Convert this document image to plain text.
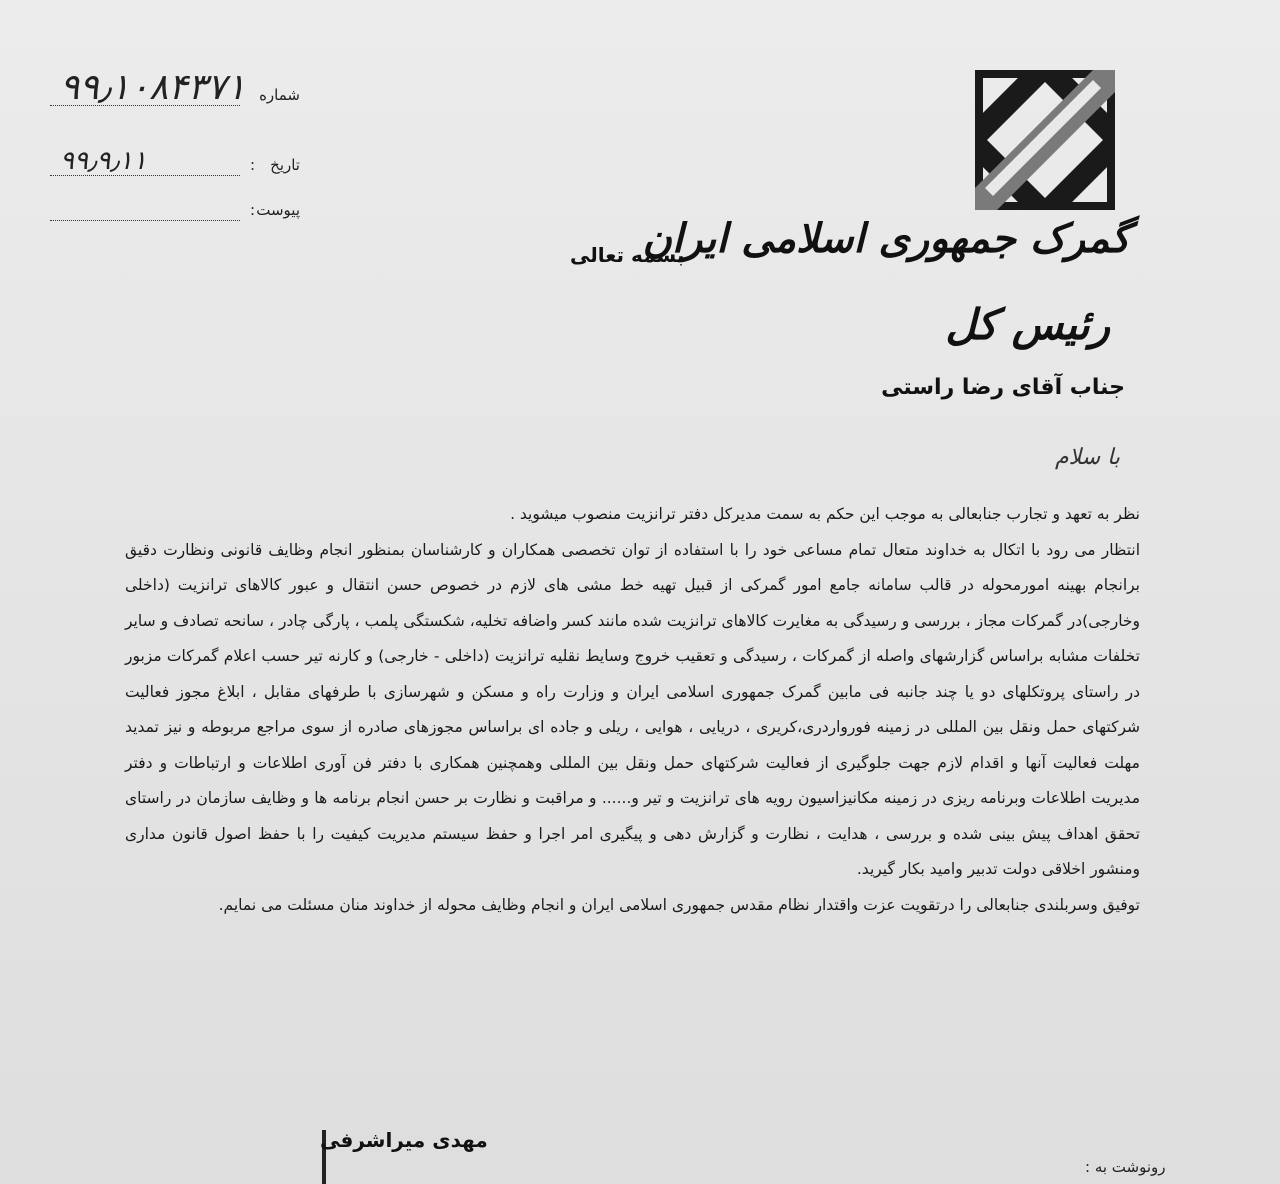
گمرک جمهوری اسلامی ایران
رئیس کل
بسمه تعالی
شماره
۹۹٫۱۰۸۴۳۷۱
تاریخ
:
۹۹٫۹٫۱۱
پیوست
:
جناب آقای رضا راستی
با سلام

نظر به تعهد و تجارب جنابعالی به موجب این حکم به سمت مدیرکل دفتر ترانزیت منصوب میشوید .

انتظار می رود با اتکال به خداوند متعال تمام مساعی خود را با استفاده از توان تخصصی همکاران و کارشناسان بمنظور انجام وظایف قانونی ونظارت دقیق برانجام بهینه امورمحوله در قالب سامانه جامع امور گمرکی از قبیل تهیه خط مشی های لازم در خصوص حسن انتقال و عبور کالاهای ترانزیت (داخلی وخارجی)در گمرکات مجاز ، بررسی و رسیدگی به مغایرت کالاهای ترانزیت شده مانند کسر واضافه تخلیه، شکستگی پلمب ، پارگی چادر ، سانحه تصادف و سایر تخلفات مشابه براساس گزارشهای واصله از گمرکات ، رسیدگی و تعقیب خروج وسایط نقلیه ترانزیت (داخلی - خارجی) و کارنه تیر حسب اعلام گمرکات مزبور در راستای پروتکلهای دو یا چند جانبه فی مابین گمرک جمهوری اسلامی ایران و وزارت راه و مسکن و شهرسازی با طرفهای مقابل ، ابلاغ مجوز فعالیت شرکتهای حمل ونقل بین المللی در زمینه فورواردری،کریری ، دریایی ، هوایی ، ریلی و جاده ای براساس مجوزهای صادره از سوی مراجع مربوطه و نیز تمدید مهلت فعالیت آنها و اقدام لازم جهت جلوگیری از فعالیت شرکتهای حمل ونقل بین المللی وهمچنین همکاری با دفتر فن آوری اطلاعات و ارتباطات و دفتر مدیریت اطلاعات وبرنامه ریزی در زمینه مکانیزاسیون رویه های ترانزیت و تیر و...... و مراقبت و نظارت بر حسن انجام برنامه ها و وظایف سازمان در راستای تحقق اهداف پیش بینی شده و بررسی ، هدایت ، نظارت و گزارش دهی و پیگیری امر اجرا و حفظ سیستم مدیریت کیفیت را با حفظ اصول قانون مداری ومنشور اخلاقی دولت تدبیر وامید بکار گیرید.

توفیق وسربلندی جنابعالی را درتقویت عزت واقتدار نظام مقدس جمهوری اسلامی ایران و انجام وظایف محوله از خداوند منان مسئلت می نمایم.

مهدی میراشرفی
رونوشت به :
